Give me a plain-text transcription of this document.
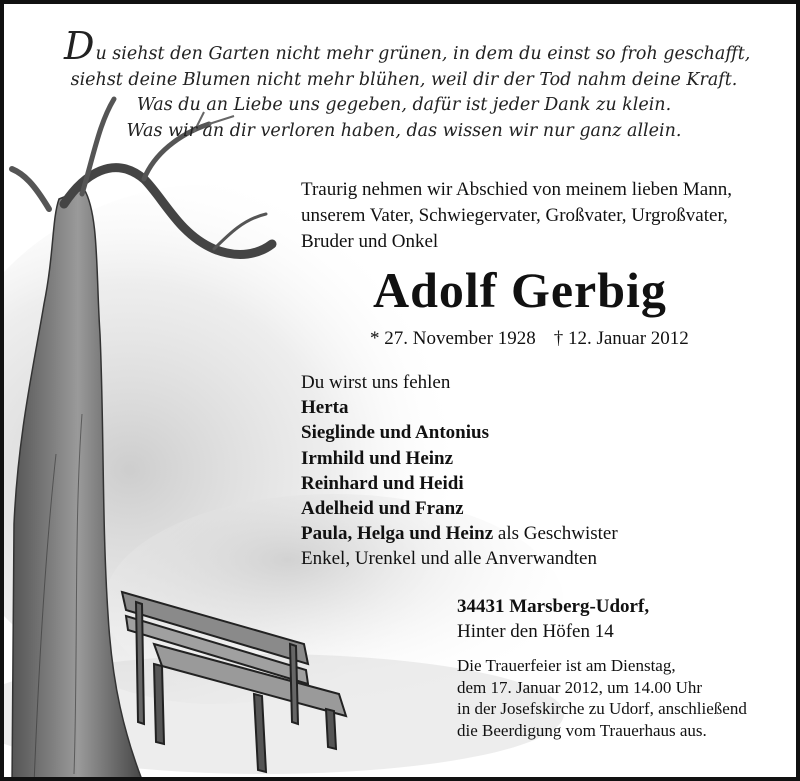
Du siehst den Garten nicht mehr grünen, in dem du einst so froh geschafft,
siehst deine Blumen nicht mehr blühen, weil dir der Tod nahm deine Kraft.
Was du an Liebe uns gegeben, dafür ist jeder Dank zu klein.
Was wir an dir verloren haben, das wissen wir nur ganz allein.
Traurig nehmen wir Abschied von meinem lieben Mann,
unserem Vater, Schwiegervater, Großvater, Urgroßvater,
Bruder und Onkel
Adolf Gerbig
* 27. November 1928 † 12. Januar 2012
Du wirst uns fehlen
Herta
Sieglinde und Antonius
Irmhild und Heinz
Reinhard und Heidi
Adelheid und Franz
Paula, Helga und Heinz als Geschwister
Enkel, Urenkel und alle Anverwandten
34431 Marsberg-Udorf,
Hinter den Höfen 14
Die Trauerfeier ist am Dienstag,
dem 17. Januar 2012, um 14.00 Uhr
in der Josefskirche zu Udorf, anschließend
die Beerdigung vom Trauerhaus aus.
